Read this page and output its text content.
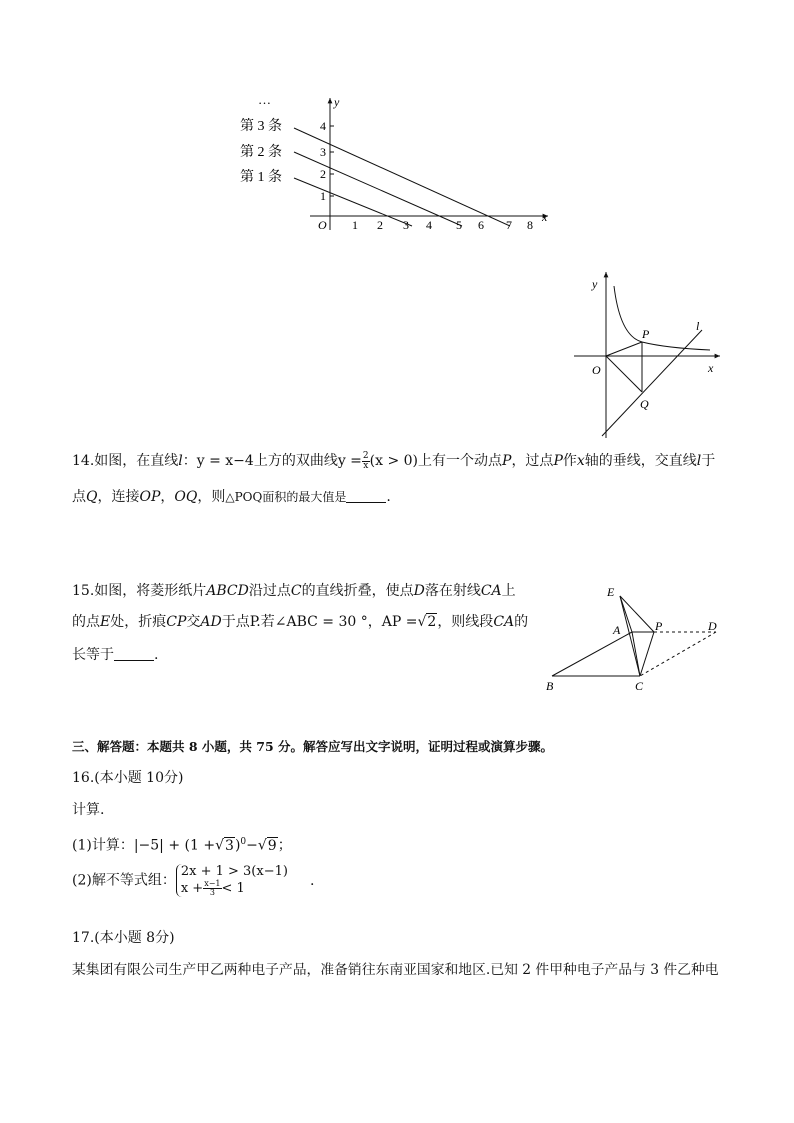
…
第 3 条
第 2 条
第 1 条
y
x
O
1
2
3
4
1 2 3 4 5 6 7 8
y
x
O
P
Q
l
14.如图，在直线l：y = x−4上方的双曲线$y = \frac{2}{x} (x > 0)$上有一个动点P，过点P作x轴的垂线，交直线l于
点Q，连接OP，OQ，则△POQ面积的最大值是	.
E
A	P	D
B	C
15.如图，将菱形纸片ABCD沿过点C的直线折叠，使点D落在射线CA上
的点E处，折痕CP交AD于点P.若∠ABC = 30 °，AP =√2，则线段CA的
长等于	.
三、解答题：本题共 8 小题，共 75 分。解答应写出文字说明，证明过程或演算步骤。
16.(本小题 10分)
计算.
(1)计算：$|-5| + (1 +√3)^0-√9$；
(2)解不等式组：
2x + 1 > 3(x−1)
$x + \frac{x-1}{3} < 1$	.
17.(本小题 8分)
某集团有限公司生产甲乙两种电子产品，准备销往东南亚国家和地区.已知 2 件甲种电子产品与 3 件乙种电
